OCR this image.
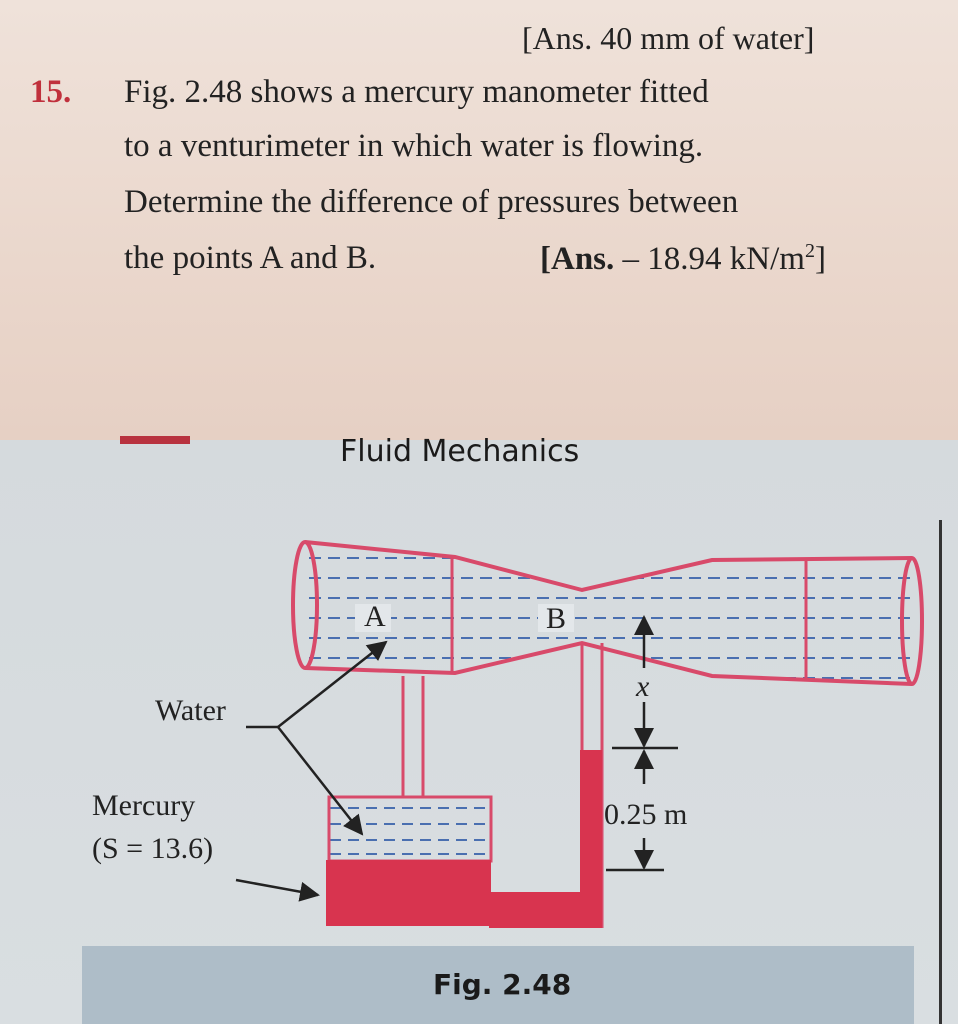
[Ans. 40 mm of water]
15. Fig. 2.48 shows a mercury manometer fitted
to a venturimeter in which water is flowing.
Determine the difference of pressures between
the points A and B.	[Ans. – 18.94 $kN/m^2$]
Fluid Mechanics
A	B
Water
Mercury
(S = 13.6)
x
0.25 m
Fig. 2.48
